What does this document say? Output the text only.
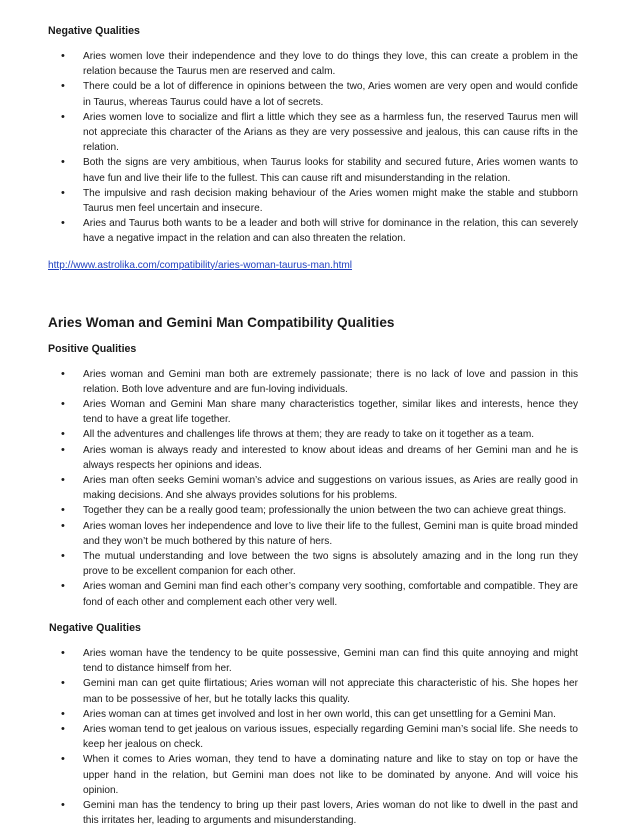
Negative Qualities
• Aries women love their independence and they love to do things they love, this can create a problem in the relation because the Taurus men are reserved and calm.
• There could be a lot of difference in opinions between the two, Aries women are very open and would confide in Taurus, whereas Taurus could have a lot of secrets.
• Aries women love to socialize and flirt a little which they see as a harmless fun, the reserved Taurus men will not appreciate this character of the Arians as they are very possessive and jealous, this can cause rifts in the relation.
• Both the signs are very ambitious, when Taurus looks for stability and secured future, Aries women wants to have fun and live their life to the fullest. This can cause rift and misunderstanding in the relation.
• The impulsive and rash decision making behaviour of the Aries women might make the stable and stubborn Taurus men feel uncertain and insecure.
• Aries and Taurus both wants to be a leader and both will strive for dominance in the relation, this can severely have a negative impact in the relation and can also threaten the relation.
http://www.astrolika.com/compatibility/aries-woman-taurus-man.html
Aries Woman and Gemini Man Compatibility Qualities
Positive Qualities
• Aries woman and Gemini man both are extremely passionate; there is no lack of love and passion in this relation. Both love adventure and are fun-loving individuals.
• Aries Woman and Gemini Man share many characteristics together, similar likes and interests, hence they tend to have a great life together.
• All the adventures and challenges life throws at them; they are ready to take on it together as a team.
• Aries woman is always ready and interested to know about ideas and dreams of her Gemini man and he is always respects her opinions and ideas.
• Aries man often seeks Gemini woman’s advice and suggestions on various issues, as Aries are really good in making decisions. And she always provides solutions for his problems.
• Together they can be a really good team; professionally the union between the two can achieve great things.
• Aries woman loves her independence and love to live their life to the fullest, Gemini man is quite broad minded and they won’t be much bothered by this nature of hers.
• The mutual understanding and love between the two signs is absolutely amazing and in the long run they prove to be excellent companion for each other.
• Aries woman and Gemini man find each other’s company very soothing, comfortable and compatible. They are fond of each other and complement each other very well.
Negative Qualities
• Aries woman have the tendency to be quite possessive, Gemini man can find this quite annoying and might tend to distance himself from her.
• Gemini man can get quite flirtatious; Aries woman will not appreciate this characteristic of his. She hopes her man to be possessive of her, but he totally lacks this quality.
• Aries woman can at times get involved and lost in her own world, this can get unsettling for a Gemini Man.
• Aries woman tend to get jealous on various issues, especially regarding Gemini man’s social life. She needs to keep her jealous on check.
• When it comes to Aries woman, they tend to have a dominating nature and like to stay on top or have the upper hand in the relation, but Gemini man does not like to be dominated by anyone. And will voice his opinion.
• Gemini man has the tendency to bring up their past lovers, Aries woman do not like to dwell in the past and this irritates her, leading to arguments and misunderstanding.
